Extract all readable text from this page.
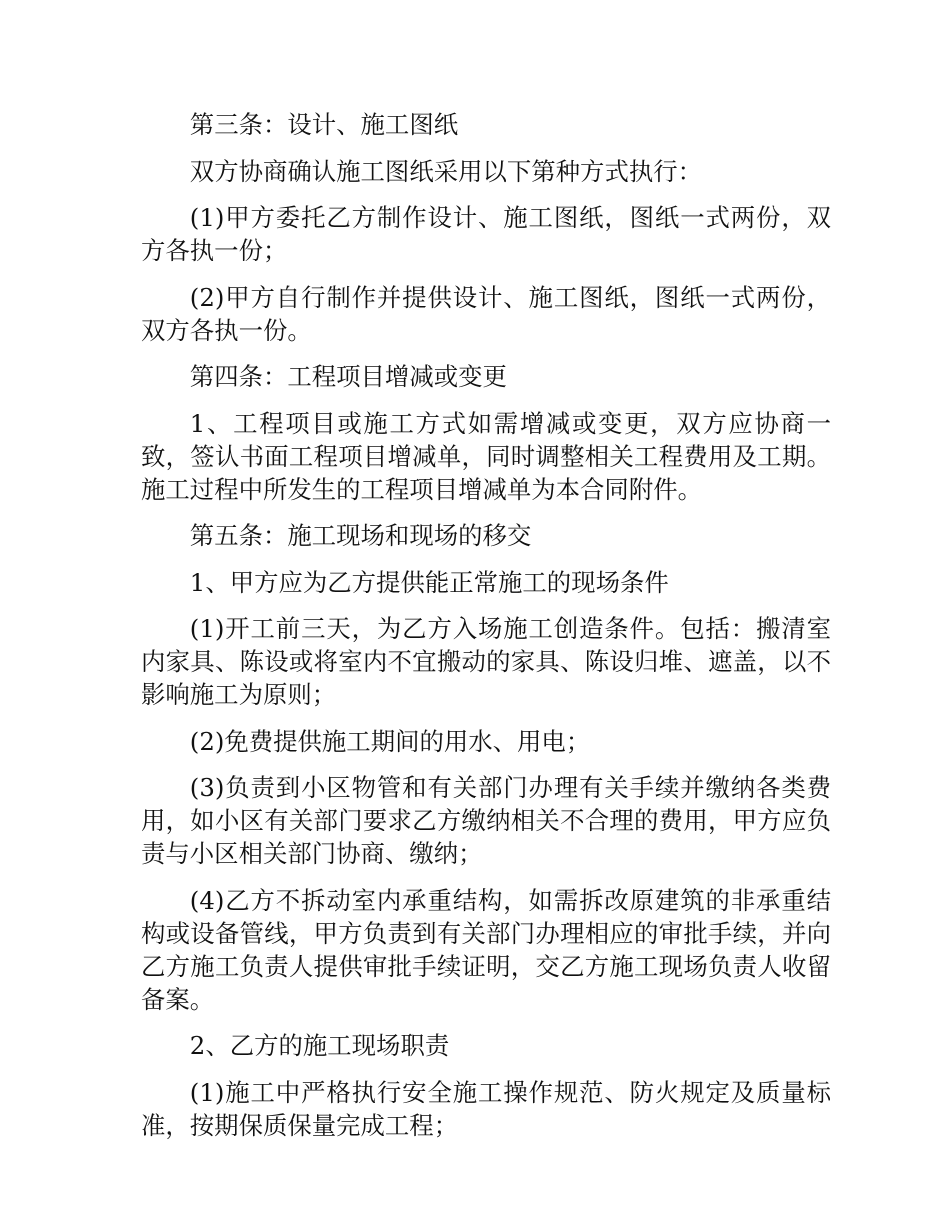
第三条：设计、施工图纸

双方协商确认施工图纸采用以下第种方式执行：

(1)甲方委托乙方制作设计、施工图纸，图纸一式两份，双方各执一份；

(2)甲方自行制作并提供设计、施工图纸，图纸一式两份，双方各执一份。

第四条：工程项目增减或变更

1、工程项目或施工方式如需增减或变更，双方应协商一致，签认书面工程项目增减单，同时调整相关工程费用及工期。施工过程中所发生的工程项目增减单为本合同附件。

第五条：施工现场和现场的移交

1、甲方应为乙方提供能正常施工的现场条件

(1)开工前三天，为乙方入场施工创造条件。包括：搬清室内家具、陈设或将室内不宜搬动的家具、陈设归堆、遮盖，以不影响施工为原则；

(2)免费提供施工期间的用水、用电；

(3)负责到小区物管和有关部门办理有关手续并缴纳各类费用，如小区有关部门要求乙方缴纳相关不合理的费用，甲方应负责与小区相关部门协商、缴纳；

(4)乙方不拆动室内承重结构，如需拆改原建筑的非承重结构或设备管线，甲方负责到有关部门办理相应的审批手续，并向乙方施工负责人提供审批手续证明，交乙方施工现场负责人收留备案。

2、乙方的施工现场职责

(1)施工中严格执行安全施工操作规范、防火规定及质量标准，按期保质保量完成工程；
